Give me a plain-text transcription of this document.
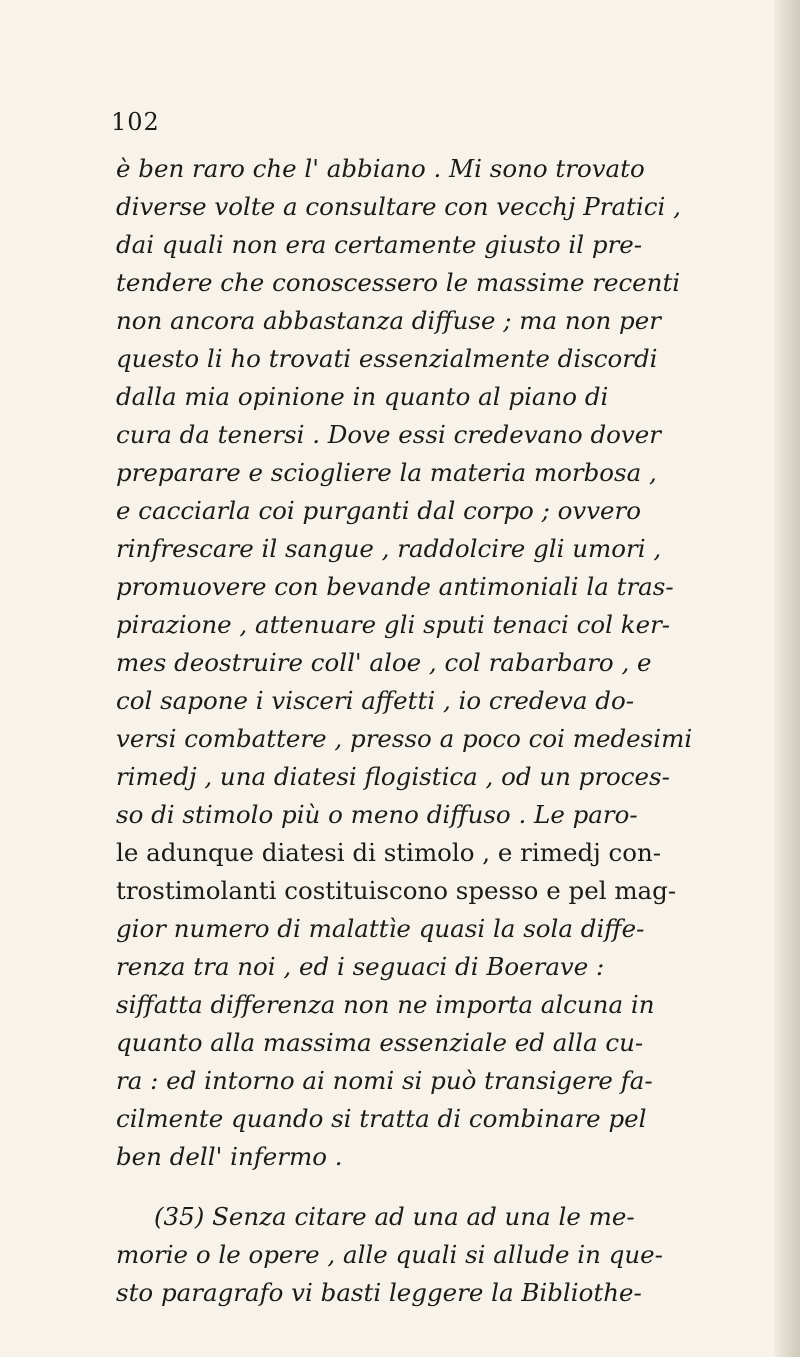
102
è ben raro che l' abbiano . Mi sono trovato
diverse volte a consultare con vecchj Pratici ,
dai quali non era certamente giusto il pre-
tendere che conoscessero le massime recenti
non ancora abbastanza diffuse ; ma non per
questo li ho trovati essenzialmente discordi
dalla mia opinione in quanto al piano di
cura da tenersi . Dove essi credevano dover
preparare e sciogliere la materia morbosa ,
e cacciarla coi purganti dal corpo ; ovvero
rinfrescare il sangue , raddolcire gli umori ,
promuovere con bevande antimoniali la tras-
pirazione , attenuare gli sputi tenaci col ker-
mes deostruire coll' aloe , col rabarbaro , e
col sapone i visceri affetti , io credeva do-
versi combattere , presso a poco coi medesimi
rimedj , una diatesi flogistica , od un proces-
so di stimolo più o meno diffuso . Le paro-
le adunque diatesi di stimolo , e rimedj con-
trostimolanti costituiscono spesso e pel mag-
gior numero di malattìe quasi la sola diffe-
renza tra noi , ed i seguaci di Boerave :
siffatta differenza non ne importa alcuna in
quanto alla massima essenziale ed alla cu-
ra : ed intorno ai nomi si può transigere fa-
cilmente quando si tratta di combinare pel
ben dell' infermo .
(35) Senza citare ad una ad una le me-
morie o le opere , alle quali si allude in que-
sto paragrafo vi basti leggere la Bibliothe-
